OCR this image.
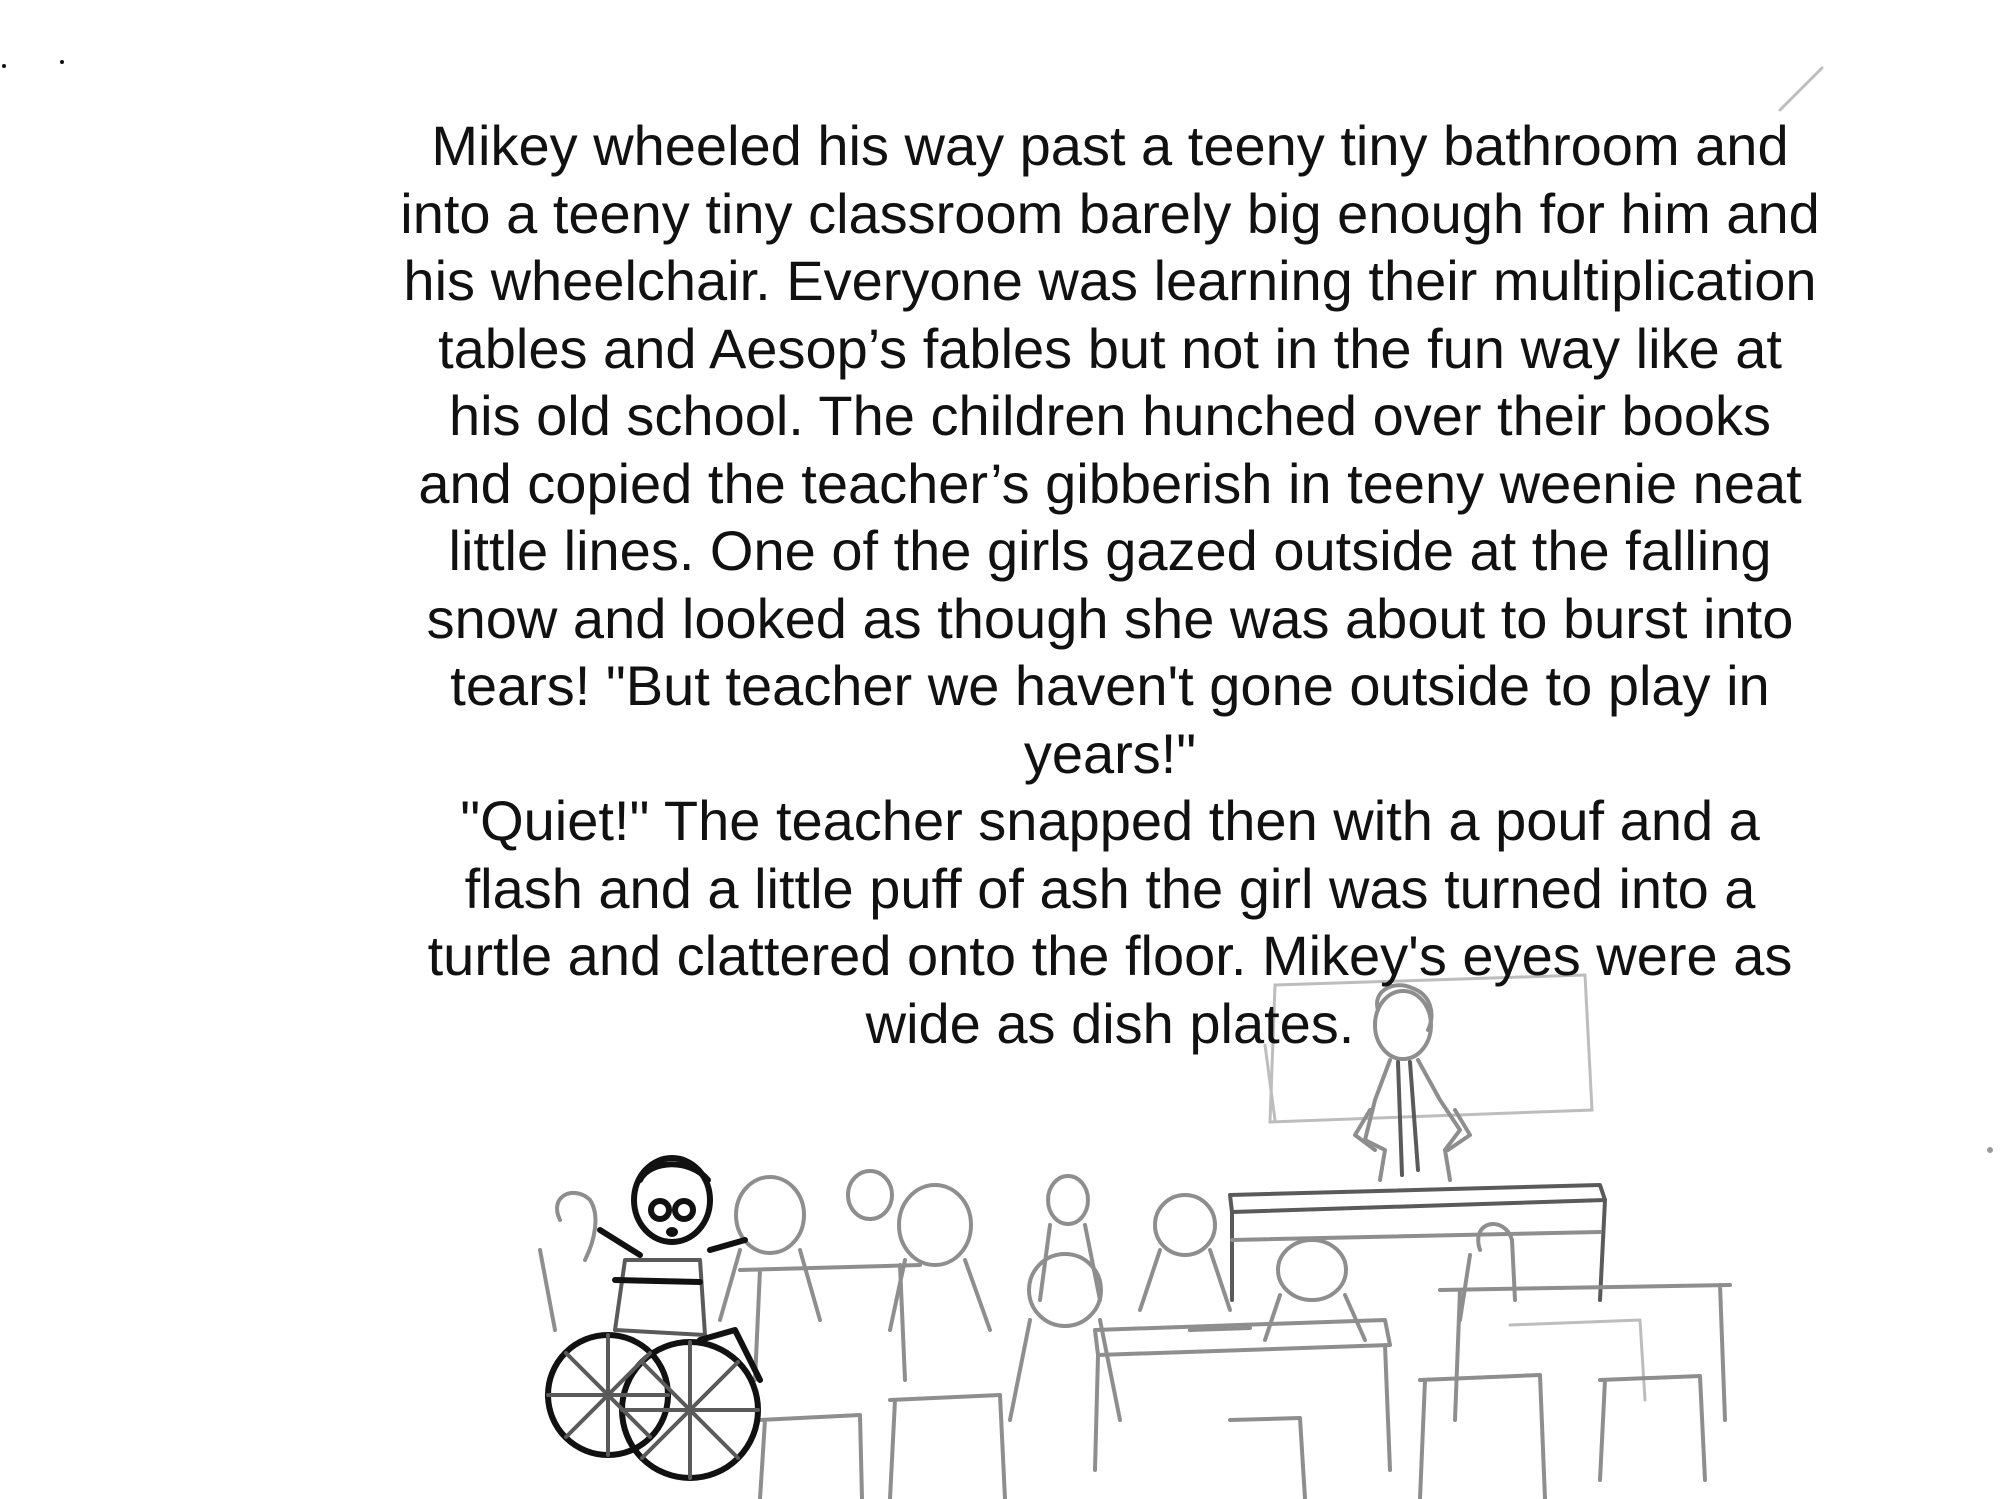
Mikey wheeled his way past a teeny tiny bathroom and
into a teeny tiny classroom barely big enough for him and
his wheelchair. Everyone was learning their multiplication
tables and Aesop’s fables but not in the fun way like at
his old school. The children hunched over their books
and copied the teacher’s gibberish in teeny weenie neat
little lines. One of the girls gazed outside at the falling
snow and looked as though she was about to burst into
tears! "But teacher we haven't gone outside to play in
years!"

"Quiet!" The teacher snapped then with a pouf and a
flash and a little puff of ash the girl was turned into a
turtle and clattered onto the floor. Mikey's eyes were as
wide as dish plates.
